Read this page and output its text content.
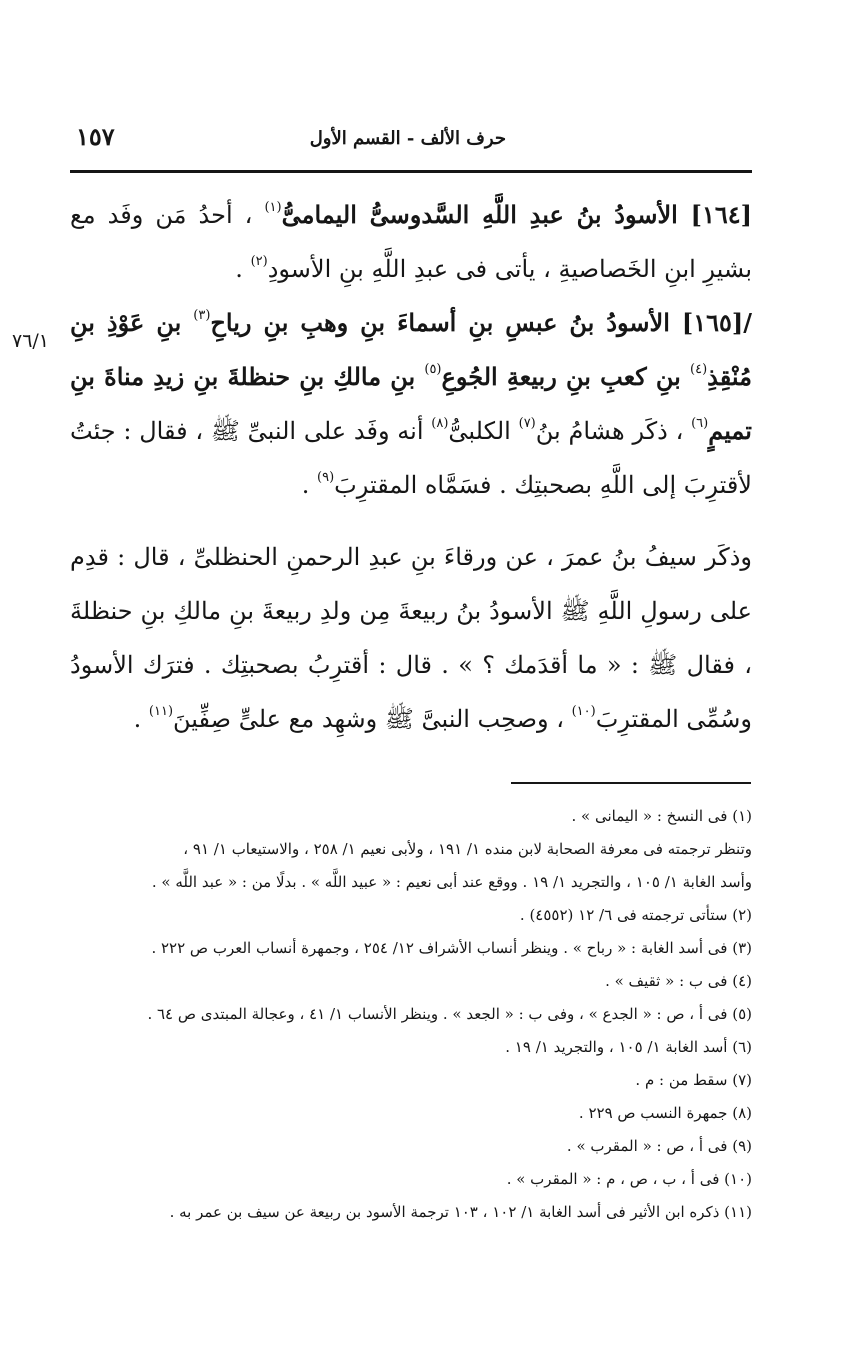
١٥٧	حرف الألف - القسم الأول
٧٦/١

[١٦٤] الأسودُ بنُ عبدِ اللَّهِ السَّدوسىُّ اليمامىُّ$^{(١)}$ ، أحدُ مَن وفَد مع بشيرِ ابنِ الخَصاصيةِ ، يأتى فى عبدِ اللَّهِ بنِ الأسودِ$^{(٢)}$ .

/[١٦٥] الأسودُ بنُ عبسِ بنِ أسماءَ بنِ وهبِ بنِ رياحِ$^{(٣)}$ بنِ عَوْذِ بنِ مُنْقِذِ$^{(٤)}$ بنِ كعبِ بنِ ربيعةِ الجُوعِ$^{(٥)}$ بنِ مالكِ بنِ حنظلةَ بنِ زيدِ مناةَ بنِ تميمٍ$^{(٦)}$ ، ذكَر هشامُ بنُ$^{(٧)}$ الكلبىُّ$^{(٨)}$ أنه وفَد على النبىِّ ﷺ ، فقال : جئتُ لأقترِبَ إلى اللَّهِ بصحبتِك . فسَمَّاه المقترِبَ$^{(٩)}$ .

وذكَر سيفُ بنُ عمرَ ، عن ورقاءَ بنِ عبدِ الرحمنِ الحنظلىِّ ، قال : قدِم على رسولِ اللَّهِ ﷺ الأسودُ بنُ ربيعةَ مِن ولدِ ربيعةَ بنِ مالكِ بنِ حنظلةَ ، فقال ﷺ : « ما أقدَمك ؟ » . قال : أقترِبُ بصحبتِك . فترَك الأسودُ وسُمِّى المقترِبَ$^{(١٠)}$ ، وصحِب النبىَّ ﷺ وشهِد مع علىٍّ صِفِّينَ$^{(١١)}$ .

(١) فى النسخ : « اليمانى » .
وتنظر ترجمته فى معرفة الصحابة لابن منده ١/ ١٩١ ، ولأبى نعيم ١/ ٢٥٨ ، والاستيعاب ١/ ٩١ ،
وأسد الغابة ١/ ١٠٥ ، والتجريد ١/ ١٩ . ووقع عند أبى نعيم : « عبيد اللَّه » . بدلًا من : « عبد اللَّه » .
(٢) ستأتى ترجمته فى ٦/ ١٢ (٤٥٥٢) .
(٣) فى أسد الغابة : « رباح » . وينظر أنساب الأشراف ١٢/ ٢٥٤ ، وجمهرة أنساب العرب ص ٢٢٢ .
(٤) فى ب : « ثقيف » .
(٥) فى أ ، ص : « الجدع » ، وفى ب : « الجعد » . وينظر الأنساب ١/ ٤١ ، وعجالة المبتدى ص ٦٤ .
(٦) أسد الغابة ١/ ١٠٥ ، والتجريد ١/ ١٩ .
(٧) سقط من : م .
(٨) جمهرة النسب ص ٢٢٩ .
(٩) فى أ ، ص : « المقرب » .
(١٠) فى أ ، ب ، ص ، م : « المقرب » .
(١١) ذكره ابن الأثير فى أسد الغابة ١/ ١٠٢ ، ١٠٣ ترجمة الأسود بن ربيعة عن سيف بن عمر به .
